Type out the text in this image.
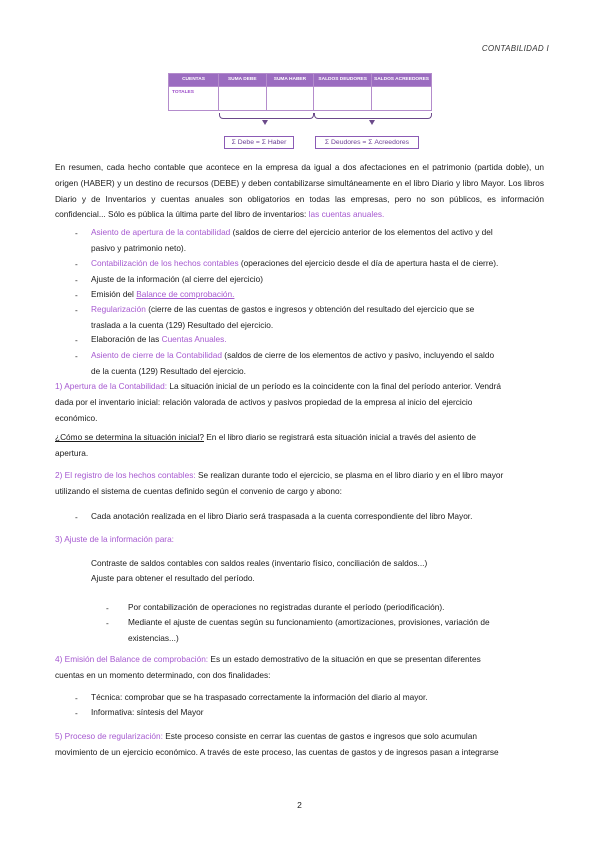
CONTABILIDAD I
CUENTAS	SUMA DEBE	SUMA HABER	SALDOS DEUDORES	SALDOS ACREEDORES
TOTALES				
Σ Debe = Σ Haber	Σ Deudores = Σ Acreedores
En resumen, cada hecho contable que acontece en la empresa da igual a dos afectaciones en el patrimonio (partida doble), un origen (HABER) y un destino de recursos (DEBE) y deben contabilizarse simultáneamente en el libro Diario y libro Mayor. Los libros Diario y de Inventarios y cuentas anuales son obligatorios en todas las empresas, pero no son públicos, es información confidencial... Sólo es pública la última parte del libro de inventarios: las cuentas anuales.
- Asiento de apertura de la contabilidad (saldos de cierre del ejercicio anterior de los elementos del activo y del
pasivo y patrimonio neto).
- Contabilización de los hechos contables (operaciones del ejercicio desde el día de apertura hasta el de cierre).
- Ajuste de la información (al cierre del ejercicio)
- Emisión del Balance de comprobación.
- Regularización (cierre de las cuentas de gastos e ingresos y obtención del resultado del ejercicio que se
traslada a la cuenta (129) Resultado del ejercicio.
- Elaboración de las Cuentas Anuales.
- Asiento de cierre de la Contabilidad (saldos de cierre de los elementos de activo y pasivo, incluyendo el saldo
de la cuenta (129) Resultado del ejercicio.
1) Apertura de la Contabilidad: La situación inicial de un período es la coincidente con la final del período anterior. Vendrá
dada por el inventario inicial: relación valorada de activos y pasivos propiedad de la empresa al inicio del ejercicio
económico.
¿Cómo se determina la situación inicial? En el libro diario se registrará esta situación inicial a través del asiento de
apertura.
2) El registro de los hechos contables: Se realizan durante todo el ejercicio, se plasma en el libro diario y en el libro mayor
utilizando el sistema de cuentas definido según el convenio de cargo y abono:
- Cada anotación realizada en el libro Diario será traspasada a la cuenta correspondiente del libro Mayor.
3) Ajuste de la información para:
Contraste de saldos contables con saldos reales (inventario físico, conciliación de saldos...)
Ajuste para obtener el resultado del período.
- Por contabilización de operaciones no registradas durante el período (periodificación).
- Mediante el ajuste de cuentas según su funcionamiento (amortizaciones, provisiones, variación de
existencias...)
4) Emisión del Balance de comprobación: Es un estado demostrativo de la situación en que se presentan diferentes
cuentas en un momento determinado, con dos finalidades:
- Técnica: comprobar que se ha traspasado correctamente la información del diario al mayor.
- Informativa: síntesis del Mayor
5) Proceso de regularización: Este proceso consiste en cerrar las cuentas de gastos e ingresos que solo acumulan
movimiento de un ejercicio económico. A través de este proceso, las cuentas de gastos y de ingresos pasan a integrarse
2
